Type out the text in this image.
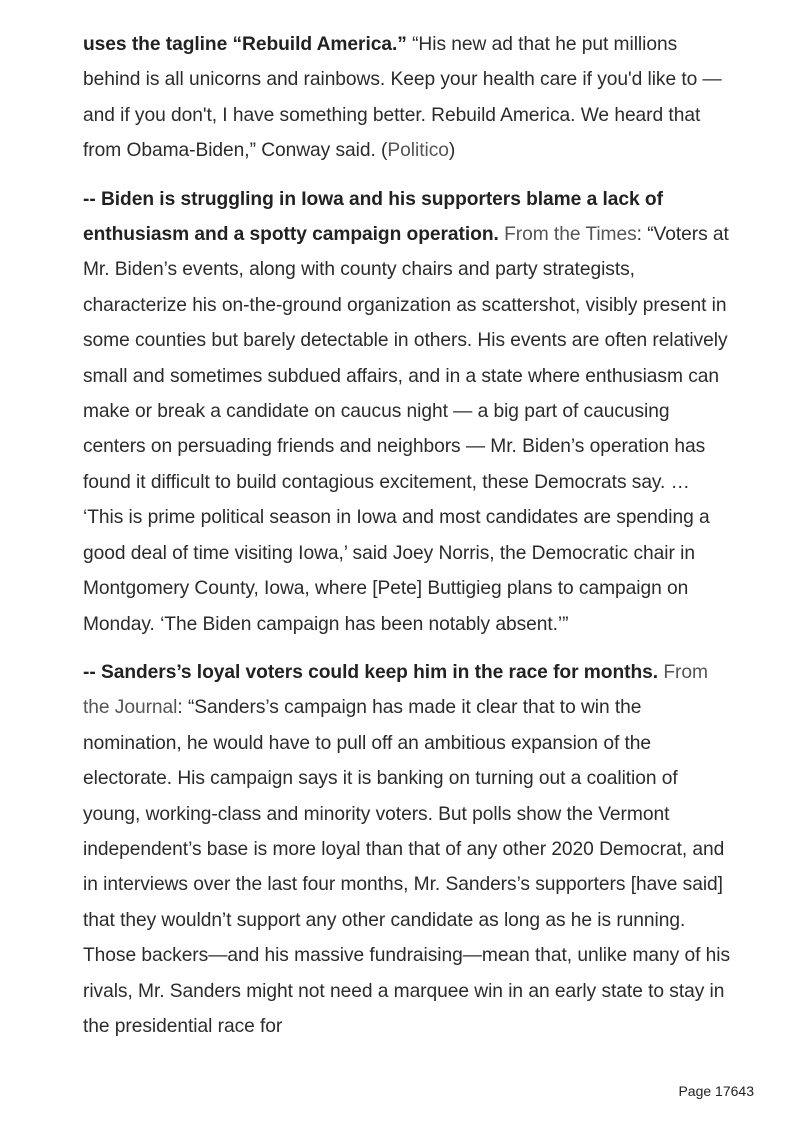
uses the tagline “Rebuild America.” “His new ad that he put millions behind is all unicorns and rainbows. Keep your health care if you'd like to — and if you don't, I have something better. Rebuild America. We heard that from Obama-Biden,” Conway said. (Politico)

-- Biden is struggling in Iowa and his supporters blame a lack of enthusiasm and a spotty campaign operation. From the Times: “Voters at Mr. Biden’s events, along with county chairs and party strategists, characterize his on-the-ground organization as scattershot, visibly present in some counties but barely detectable in others. His events are often relatively small and sometimes subdued affairs, and in a state where enthusiasm can make or break a candidate on caucus night — a big part of caucusing centers on persuading friends and neighbors — Mr. Biden’s operation has found it difficult to build contagious excitement, these Democrats say. … ‘This is prime political season in Iowa and most candidates are spending a good deal of time visiting Iowa,’ said Joey Norris, the Democratic chair in Montgomery County, Iowa, where [Pete] Buttigieg plans to campaign on Monday. ‘The Biden campaign has been notably absent.’”

-- Sanders’s loyal voters could keep him in the race for months. From the Journal: “Sanders’s campaign has made it clear that to win the nomination, he would have to pull off an ambitious expansion of the electorate. His campaign says it is banking on turning out a coalition of young, working-class and minority voters. But polls show the Vermont independent’s base is more loyal than that of any other 2020 Democrat, and in interviews over the last four months, Mr. Sanders’s supporters [have said] that they wouldn’t support any other candidate as long as he is running. Those backers—and his massive fundraising—mean that, unlike many of his rivals, Mr. Sanders might not need a marquee win in an early state to stay in the presidential race for

Page 17643
